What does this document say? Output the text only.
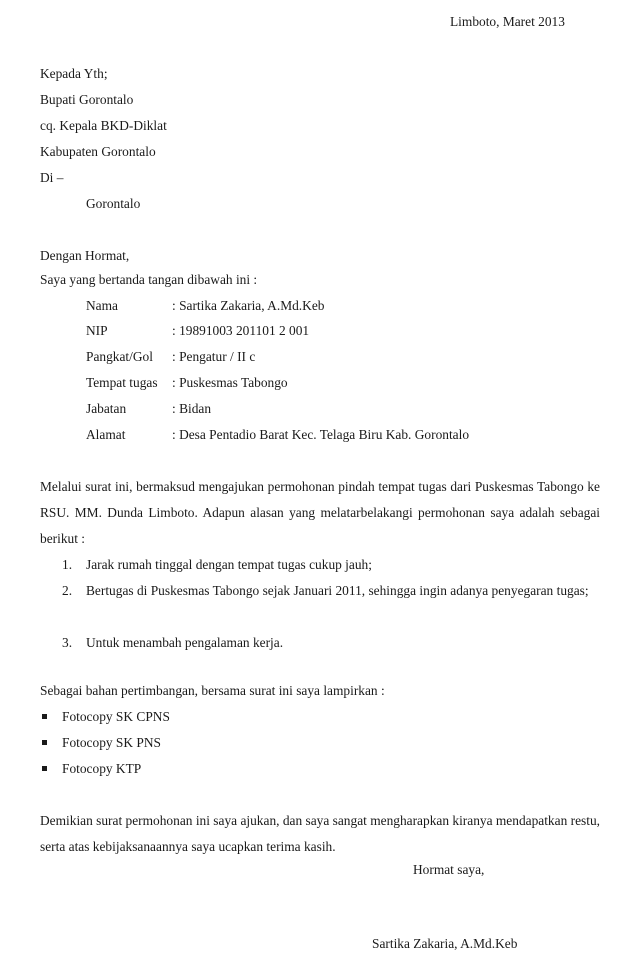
Limboto, Maret 2013
Kepada Yth;
Bupati Gorontalo
cq. Kepala BKD-Diklat
Kabupaten Gorontalo
Di –
Gorontalo
Dengan Hormat,
Saya yang bertanda tangan dibawah ini :
Nama	: Sartika Zakaria, A.Md.Keb
NIP	: 19891003 201101 2 001
Pangkat/Gol : Pengatur / II c
Tempat tugas : Puskesmas Tabongo
Jabatan	: Bidan
Alamat	: Desa Pentadio Barat Kec. Telaga Biru Kab. Gorontalo
Melalui surat ini, bermaksud mengajukan permohonan pindah tempat tugas dari Puskesmas Tabongo ke RSU. MM. Dunda Limboto. Adapun alasan yang melatarbelakangi permohonan saya adalah sebagai berikut :
1. Jarak rumah tinggal dengan tempat tugas cukup jauh;
2. Bertugas di Puskesmas Tabongo sejak Januari 2011, sehingga ingin adanya penyegaran tugas;
3. Untuk menambah pengalaman kerja.
Sebagai bahan pertimbangan, bersama surat ini saya lampirkan :
Fotocopy SK CPNS
Fotocopy SK PNS
Fotocopy KTP
Demikian surat permohonan ini saya ajukan, dan saya sangat mengharapkan kiranya mendapatkan restu, serta atas kebijaksanaannya saya ucapkan terima kasih.
Hormat saya,
Sartika Zakaria, A.Md.Keb
